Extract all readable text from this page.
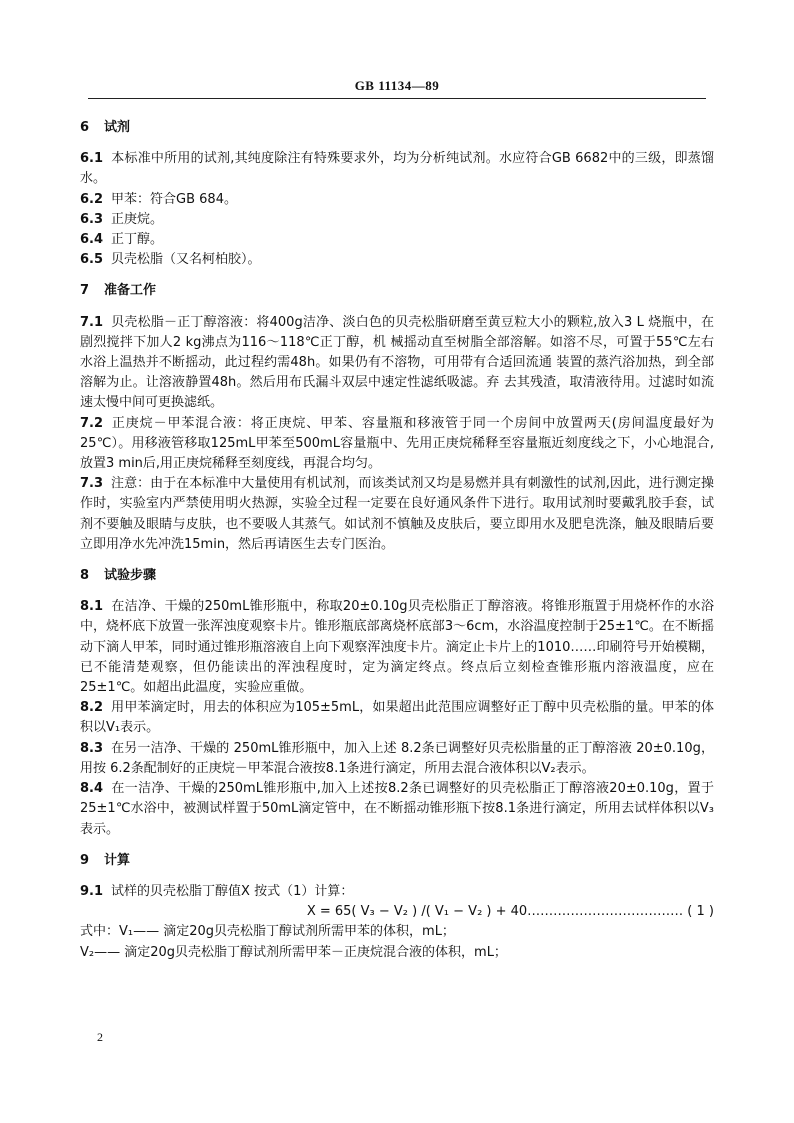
GB 11134—89

6 试剂

6.1 本标准中所用的试剂,其纯度除注有特殊要求外，均为分析纯试剂。水应符合GB 6682中的三级，即蒸馏水。

6.2 甲苯：符合GB 684。

6.3 正庚烷。

6.4 正丁醇。

6.5 贝壳松脂（又名柯柏胶）。

7 准备工作

7.1 贝壳松脂－正丁醇溶液：将400g洁净、淡白色的贝壳松脂研磨至黄豆粒大小的颗粒,放入3 L 烧瓶中，在剧烈搅拌下加人2 kg沸点为116～118℃正丁醇，机 械摇动直至树脂全部溶解。如溶不尽，可置于55℃左右水浴上温热并不断摇动，此过程约需48h。如果仍有不溶物，可用带有合适回流通 装置的蒸汽浴加热，到全部溶解为止。让溶液静置48h。然后用布氏漏斗双层中速定性滤纸吸滤。弃 去其残渣，取清液待用。过滤时如流速太慢中间可更换滤纸。

7.2 正庚烷－甲苯混合液：将正庚烷、甲苯、容量瓶和移液管于同一个房间中放置两天(房间温度最好为25℃）。用移液管移取125mL甲苯至500mL容量瓶中、先用正庚烷稀释至容量瓶近刻度线之下，小心地混合,放置3 min后,用正庚烷稀释至刻度线，再混合均匀。

7.3 注意：由于在本标准中大量使用有机试剂，而该类试剂又均是易燃并具有刺激性的试剂,因此，进行测定操作时，实验室内严禁使用明火热源，实验全过程一定要在良好通风条件下进行。取用试剂时要戴乳胶手套，试剂不要触及眼睛与皮肤，也不要吸人其蒸气。如试剂不慎触及皮肤后，要立即用水及肥皂洗涤，触及眼睛后要立即用净水先冲洗15min，然后再请医生去专门医治。

8 试验步骤

8.1 在洁净、干燥的250mL锥形瓶中，称取20±0.10g贝壳松脂正丁醇溶液。将锥形瓶置于用烧杯作的水浴中，烧杯底下放置一张浑浊度观察卡片。锥形瓶底部离烧杯底部3～6cm，水浴温度控制于25±1℃。在不断摇动下滴人甲苯，同时通过锥形瓶溶液自上向下观察浑浊度卡片。滴定止卡片上的1010……印刷符号开始模糊，已不能清楚观察，但仍能读出的浑浊程度时，定为滴定终点。终点后立刻检查锥形瓶内溶液温度，应在25±1℃。如超出此温度，实验应重做。

8.2 用甲苯滴定时，用去的体积应为105±5mL，如果超出此范围应调整好正丁醇中贝壳松脂的量。甲苯的体积以V₁表示。

8.3 在另一洁净、干燥的 250mL锥形瓶中，加入上述 8.2条已调整好贝壳松脂量的正丁醇溶液 20±0.10g，用按 6.2条配制好的正庚烷－甲苯混合液按8.1条进行滴定，所用去混合液体积以V₂表示。

8.4 在一洁净、干燥的250mL锥形瓶中,加入上述按8.2条已调整好的贝壳松脂正丁醇溶液20±0.10g，置于25±1℃水浴中，被测试样置于50mL滴定管中，在不断摇动锥形瓶下按8.1条进行滴定，所用去试样体积以V₃表示。

9 计算

9.1 试样的贝壳松脂丁醇值X 按式（1）计算：

X = 65( V₃ − V₂ ) /( V₁ − V₂ ) + 40……………………………… ( 1 )

式中：V₁—— 滴定20g贝壳松脂丁醇试剂所需甲苯的体积，mL；

V₂—— 滴定20g贝壳松脂丁醇试剂所需甲苯－正庚烷混合液的体积，mL；

2
